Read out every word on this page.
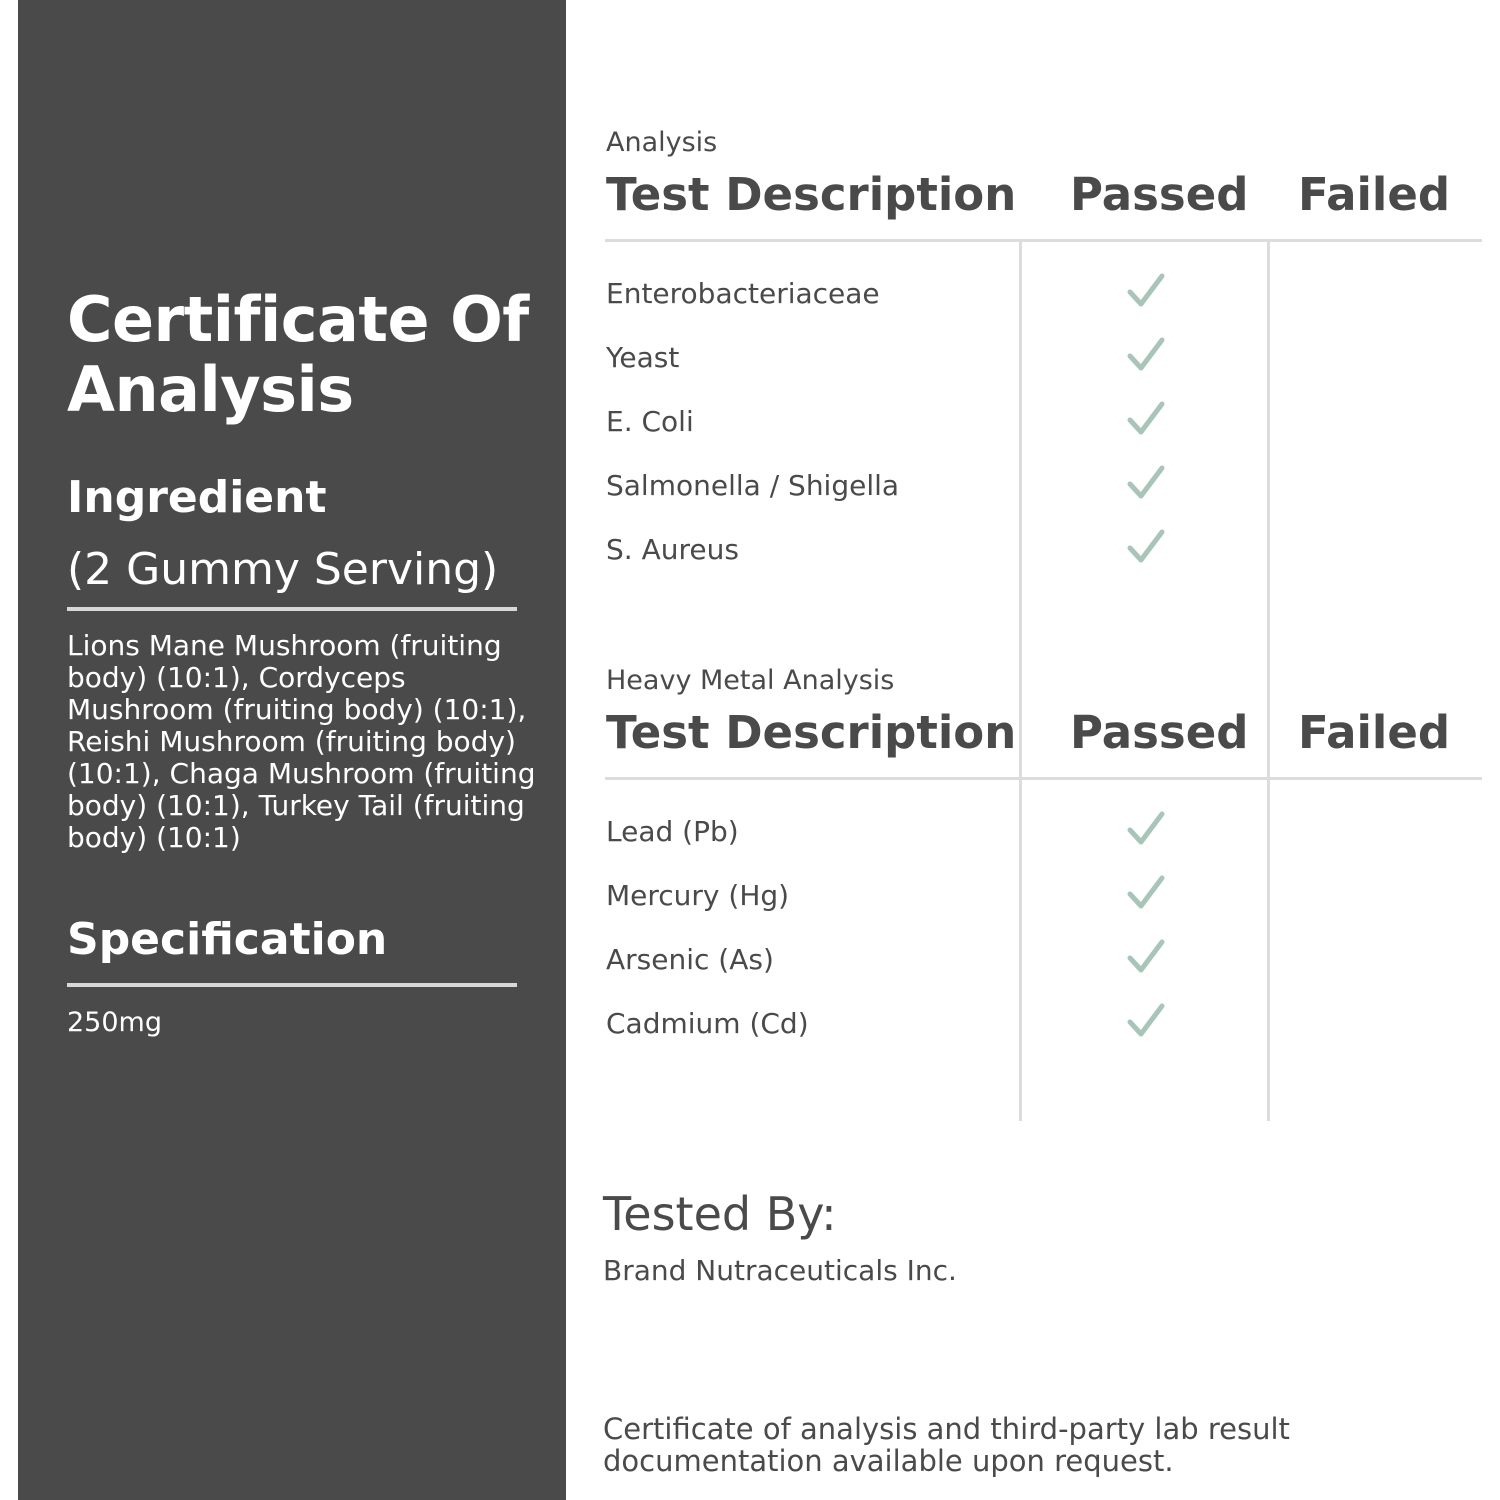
Certificate Of Analysis
Ingredient
(2 Gummy Serving)
Lions Mane Mushroom (fruiting body) (10:1), Cordyceps Mushroom (fruiting body) (10:1), Reishi Mushroom (fruiting body) (10:1), Chaga Mushroom (fruiting body) (10:1), Turkey Tail (fruiting body) (10:1)
Specification
250mg
Analysis
Test Description Passed Failed
Enterobacteriaceae
Yeast
E. Coli
Salmonella / Shigella
S. Aureus
Heavy Metal Analysis
Test Description Passed Failed
Lead (Pb)
Mercury (Hg)
Arsenic (As)
Cadmium (Cd)
Tested By:
Brand Nutraceuticals Inc.
Certificate of analysis and third-party lab result documentation available upon request.
